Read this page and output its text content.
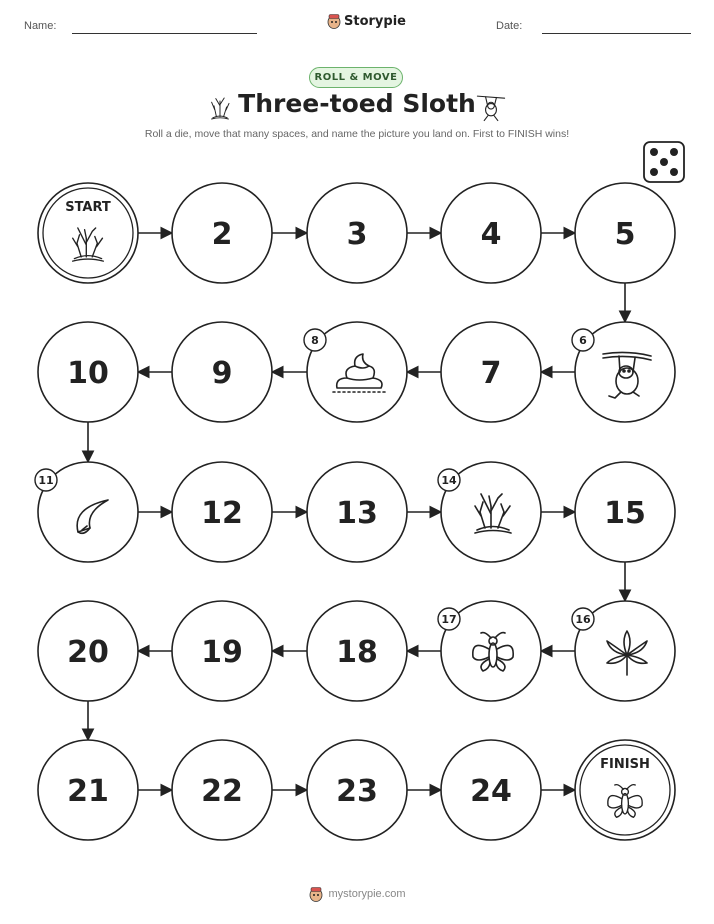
Name:	Storypie	Date:
ROLL & MOVE
Three-toed Sloth
Roll a die, move that many spaces, and name the picture you land on. First to FINISH wins!
START
2	3	4	5
6
7
8
9
10
11
12	13
14
15
16
17
18
19
20
21	22	23	24
FINISH
mystorypie.com
